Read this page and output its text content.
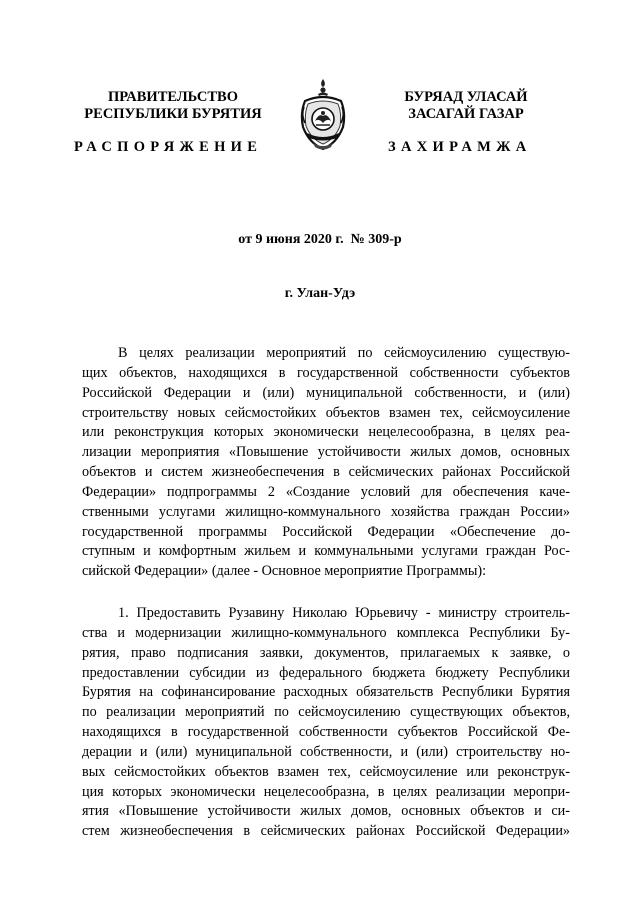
ПРАВИТЕЛЬСТВО
РЕСПУБЛИКИ БУРЯТИЯ
БУРЯАД УЛАСАЙ
ЗАСАГАЙ ГАЗАР
РАСПОРЯЖЕНИЕ	ЗАХИРАМЖА
от 9 июня 2020 г.  № 309-р
г. Улан-Удэ
В целях реализации мероприятий по сейсмоусилению существую-
щих объектов, находящихся в государственной собственности субъектов
Российской Федерации и (или) муниципальной собственности, и (или)
строительству новых сейсмостойких объектов взамен тех, сейсмоусиление
или реконструкция которых экономически нецелесообразна, в целях реа-
лизации мероприятия «Повышение устойчивости жилых домов, основных
объектов и систем жизнеобеспечения в сейсмических районах Российской
Федерации» подпрограммы 2 «Создание условий для обеспечения каче-
ственными услугами жилищно-коммунального хозяйства граждан России»
государственной программы Российской Федерации «Обеспечение до-
ступным и комфортным жильем и коммунальными услугами граждан Рос-
сийской Федерации» (далее - Основное мероприятие Программы):
1. Предоставить Рузавину Николаю Юрьевичу - министру строитель-
ства и модернизации жилищно-коммунального комплекса Республики Бу-
рятия, право подписания заявки, документов, прилагаемых к заявке, о
предоставлении субсидии из федерального бюджета бюджету Республики
Бурятия на софинансирование расходных обязательств Республики Бурятия
по реализации мероприятий по сейсмоусилению существующих объектов,
находящихся в государственной собственности субъектов Российской Фе-
дерации и (или) муниципальной собственности, и (или) строительству но-
вых сейсмостойких объектов взамен тех, сейсмоусиление или реконструк-
ция которых экономически нецелесообразна, в целях реализации меропри-
ятия «Повышение устойчивости жилых домов, основных объектов и си-
стем жизнеобеспечения в сейсмических районах Российской Федерации»
